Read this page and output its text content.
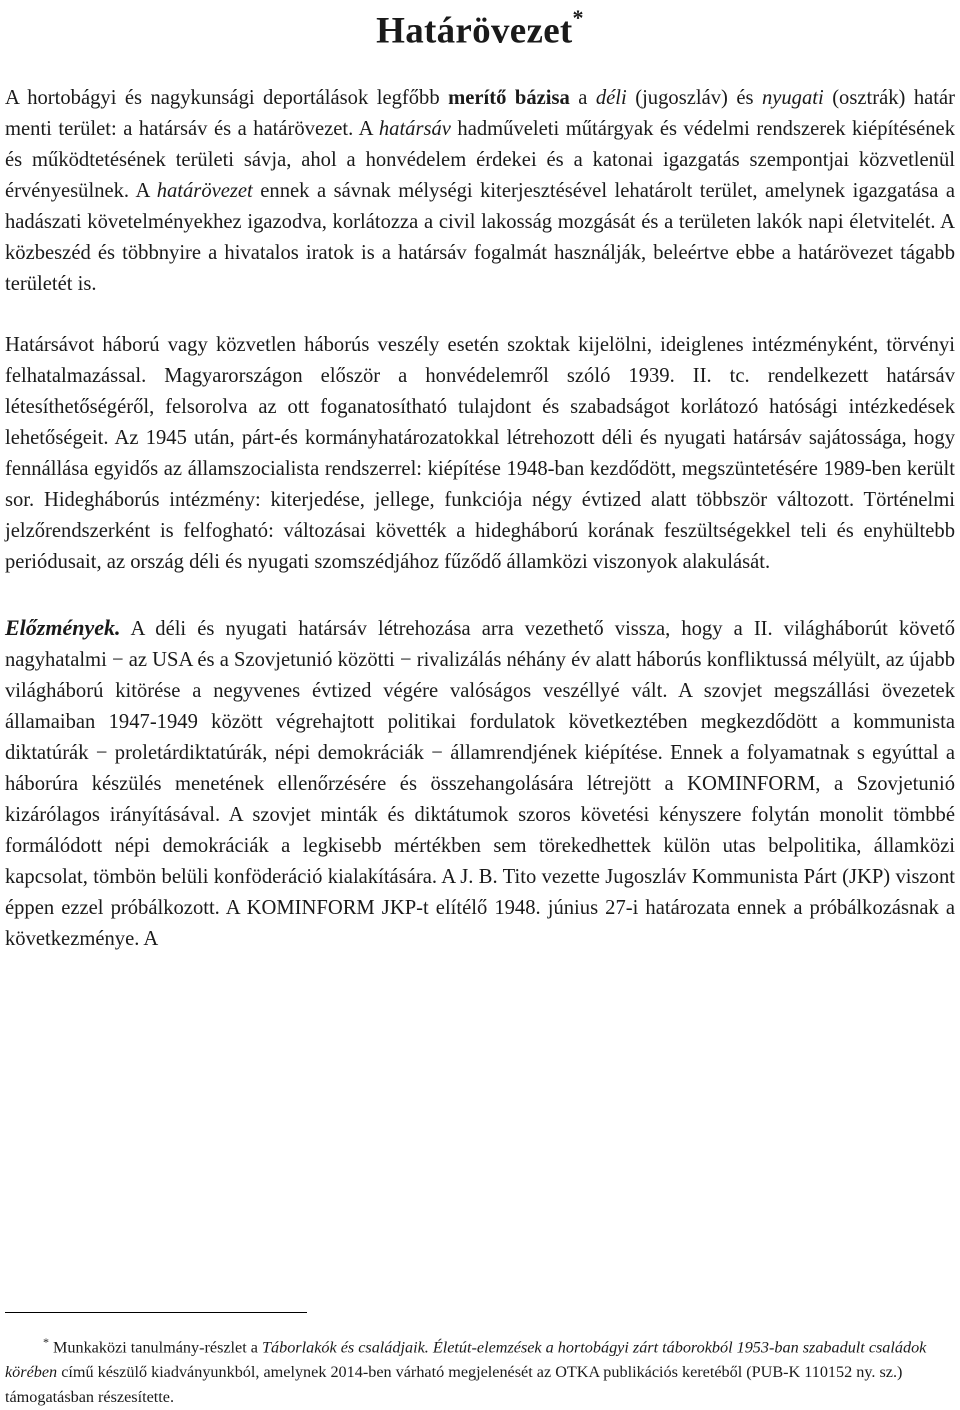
Határövezet*

A hortobágyi és nagykunsági deportálások legfőbb merítő bázisa a déli (jugoszláv) és nyugati (osztrák) határ menti terület: a határsáv és a határövezet. A határsáv hadműveleti műtárgyak és védelmi rendszerek kiépítésének és működtetésének területi sávja, ahol a honvédelem érdekei és a katonai igazgatás szempontjai közvetlenül érvényesülnek. A határövezet ennek a sávnak mélységi kiterjesztésével lehatárolt terület, amelynek igazgatása a hadászati követelményekhez igazodva, korlátozza a civil lakosság mozgását és a területen lakók napi életvitelét. A közbeszéd és többnyire a hivatalos iratok is a határsáv fogalmát használják, beleértve ebbe a határövezet tágabb területét is.

Határsávot háború vagy közvetlen háborús veszély esetén szoktak kijelölni, ideiglenes intézményként, törvényi felhatalmazással. Magyarországon először a honvédelemről szóló 1939. II. tc. rendelkezett határsáv létesíthetőségéről, felsorolva az ott foganatosítható tulajdont és szabadságot korlátozó hatósági intézkedések lehetőségeit. Az 1945 után, párt-és kormányhatározatokkal létrehozott déli és nyugati határsáv sajátossága, hogy fennállása egyidős az államszocialista rendszerrel: kiépítése 1948-ban kezdődött, megszüntetésére 1989-ben került sor. Hidegháborús intézmény: kiterjedése, jellege, funkciója négy évtized alatt többször változott. Történelmi jelzőrendszerként is felfogható: változásai követték a hidegháború korának feszültségekkel teli és enyhültebb periódusait, az ország déli és nyugati szomszédjához fűződő államközi viszonyok alakulását.

Előzmények. A déli és nyugati határsáv létrehozása arra vezethető vissza, hogy a II. világháborút követő nagyhatalmi − az USA és a Szovjetunió közötti − rivalizálás néhány év alatt háborús konfliktussá mélyült, az újabb világháború kitörése a negyvenes évtized végére valóságos veszéllyé vált. A szovjet megszállási övezetek államaiban 1947-1949 között végrehajtott politikai fordulatok következtében megkezdődött a kommunista diktatúrák − proletárdiktatúrák, népi demokráciák − államrendjének kiépítése. Ennek a folyamatnak s egyúttal a háborúra készülés menetének ellenőrzésére és összehangolására létrejött a KOMINFORM, a Szovjetunió kizárólagos irányításával. A szovjet minták és diktátumok szoros követési kényszere folytán monolit tömbbé formálódott népi demokráciák a legkisebb mértékben sem törekedhettek külön utas belpolitika, államközi kapcsolat, tömbön belüli konföderáció kialakítására. A J. B. Tito vezette Jugoszláv Kommunista Párt (JKP) viszont éppen ezzel próbálkozott. A KOMINFORM JKP-t elítélő 1948. június 27-i határozata ennek a próbálkozásnak a következménye. A

* Munkaközi tanulmány-részlet a Táborlakók és családjaik. Életút-elemzések a hortobágyi zárt táborokból 1953-ban szabadult családok körében című készülő kiadványunkból, amelynek 2014-ben várható megjelenését az OTKA publikációs keretéből (PUB-K 110152 ny. sz.) támogatásban részesítette.
